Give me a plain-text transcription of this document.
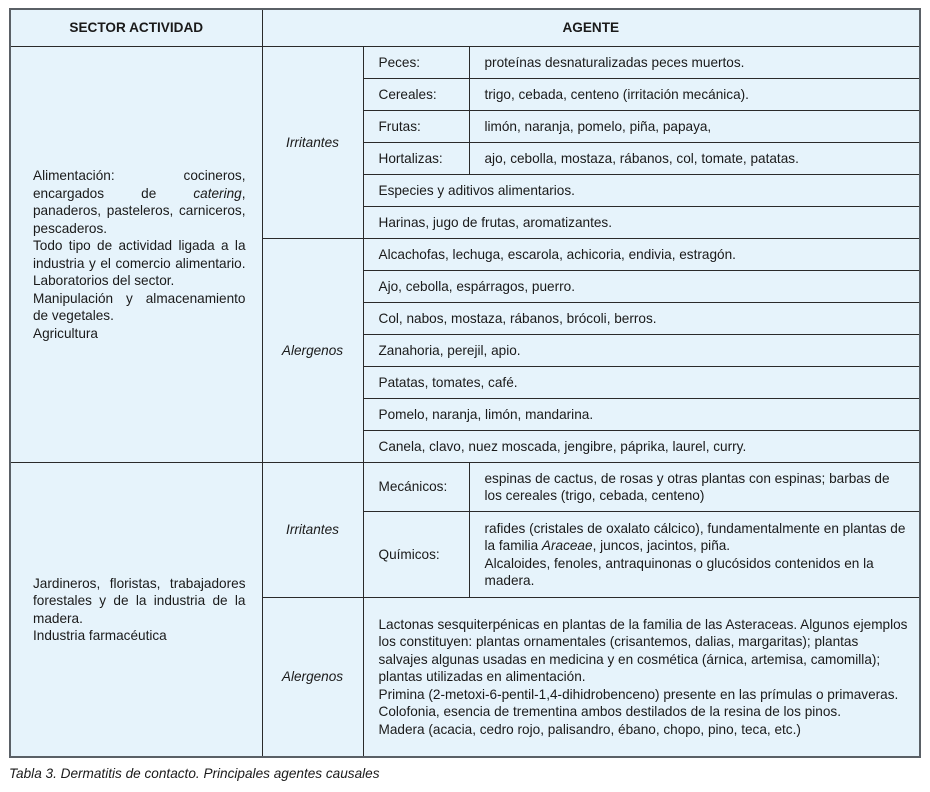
SECTOR ACTIVIDAD	AGENTE		

Alimentación: cocineros, encargados de catering, panaderos, pasteleros, carniceros, pescaderos.
Todo tipo de actividad ligada a la industria y el comercio alimentario. Laboratorios del sector.
Manipulación y almacenamiento de vegetales.
Agricultura	Irritantes	Peces:	proteínas desnaturalizadas peces muertos.
		Cereales:	trigo, cebada, centeno (irritación mecánica).
		Frutas:	limón, naranja, pomelo, piña, papaya,
		Hortalizas:	ajo, cebolla, mostaza, rábanos, col, tomate, patatas.
		Especies y aditivos alimentarios.	
		Harinas, jugo de frutas, aromatizantes.	
	Alergenos	Alcachofas, lechuga, escarola, achicoria, endivia, estragón.	
		Ajo, cebolla, espárragos, puerro.	
		Col, nabos, mostaza, rábanos, brócoli, berros.	
		Zanahoria, perejil, apio.	
		Patatas, tomates, café.	
		Pomelo, naranja, limón, mandarina.	
		Canela, clavo, nuez moscada, jengibre, páprika, laurel, curry.	

Jardineros, floristas, trabajadores forestales y de la industria de la madera.
Industria farmacéutica	Irritantes	Mecánicos:	espinas de cactus, de rosas y otras plantas con espinas; barbas de los cereales (trigo, cebada, centeno)
		Químicos:	rafides (cristales de oxalato cálcico), fundamentalmente en plantas de la familia Araceae, juncos, jacintos, piña.
Alcaloides, fenoles, antraquinonas o glucósidos contenidos en la madera.

	Alergenos	Lactonas sesquiterpénicas en plantas de la familia de las Asteraceas. Algunos ejemplos los constituyen: plantas ornamentales (crisantemos, dalias, margaritas); plantas salvajes algunas usadas en medicina y en cosmética (árnica, artemisa, camomilla); plantas utilizadas en alimentación.
Primina (2-metoxi-6-pentil-1,4-dihidrobenceno) presente en las prímulas o primaveras.
Colofonia, esencia de trementina ambos destilados de la resina de los pinos.
Madera (acacia, cedro rojo, palisandro, ébano, chopo, pino, teca, etc.)	
Tabla 3. Dermatitis de contacto. Principales agentes causales
